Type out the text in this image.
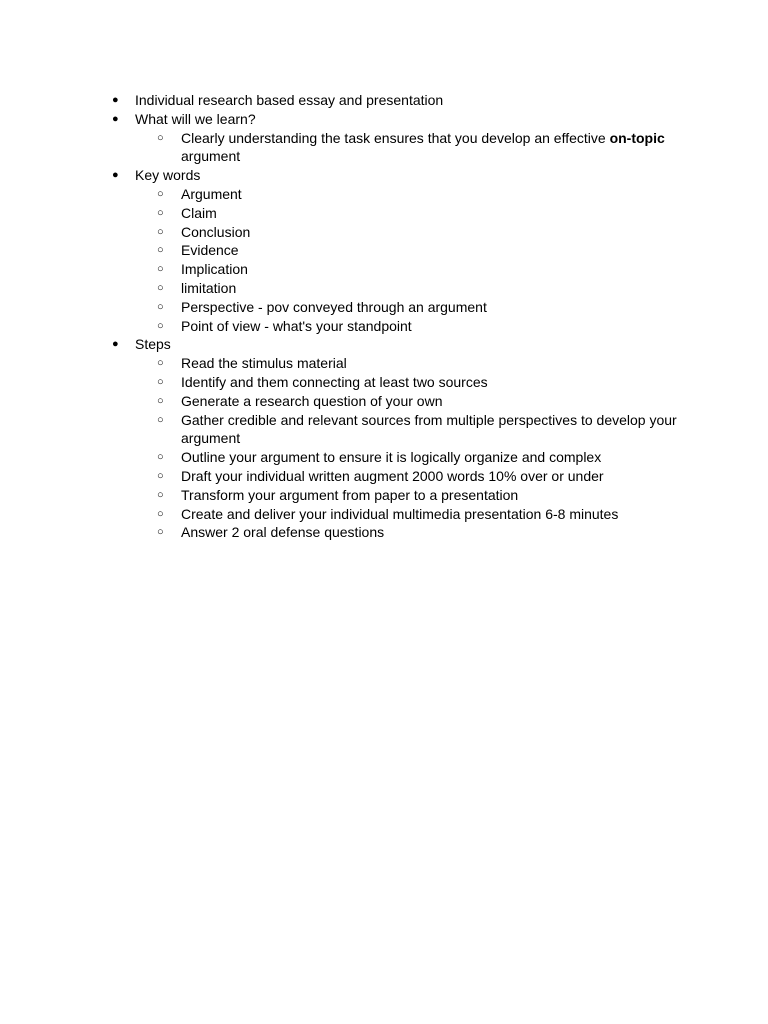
● Individual research based essay and presentation
● What will we learn?
○ Clearly understanding the task ensures that you develop an effective on-topic argument
● Key words
○ Argument
○ Claim
○ Conclusion
○ Evidence
○ Implication
○ limitation
○ Perspective - pov conveyed through an argument
○ Point of view - what's your standpoint
● Steps
○ Read the stimulus material
○ Identify and them connecting at least two sources
○ Generate a research question of your own
○ Gather credible and relevant sources from multiple perspectives to develop your argument
○ Outline your argument to ensure it is logically organize and complex
○ Draft your individual written augment 2000 words 10% over or under
○ Transform your argument from paper to a presentation
○ Create and deliver your individual multimedia presentation 6-8 minutes
○ Answer 2 oral defense questions
